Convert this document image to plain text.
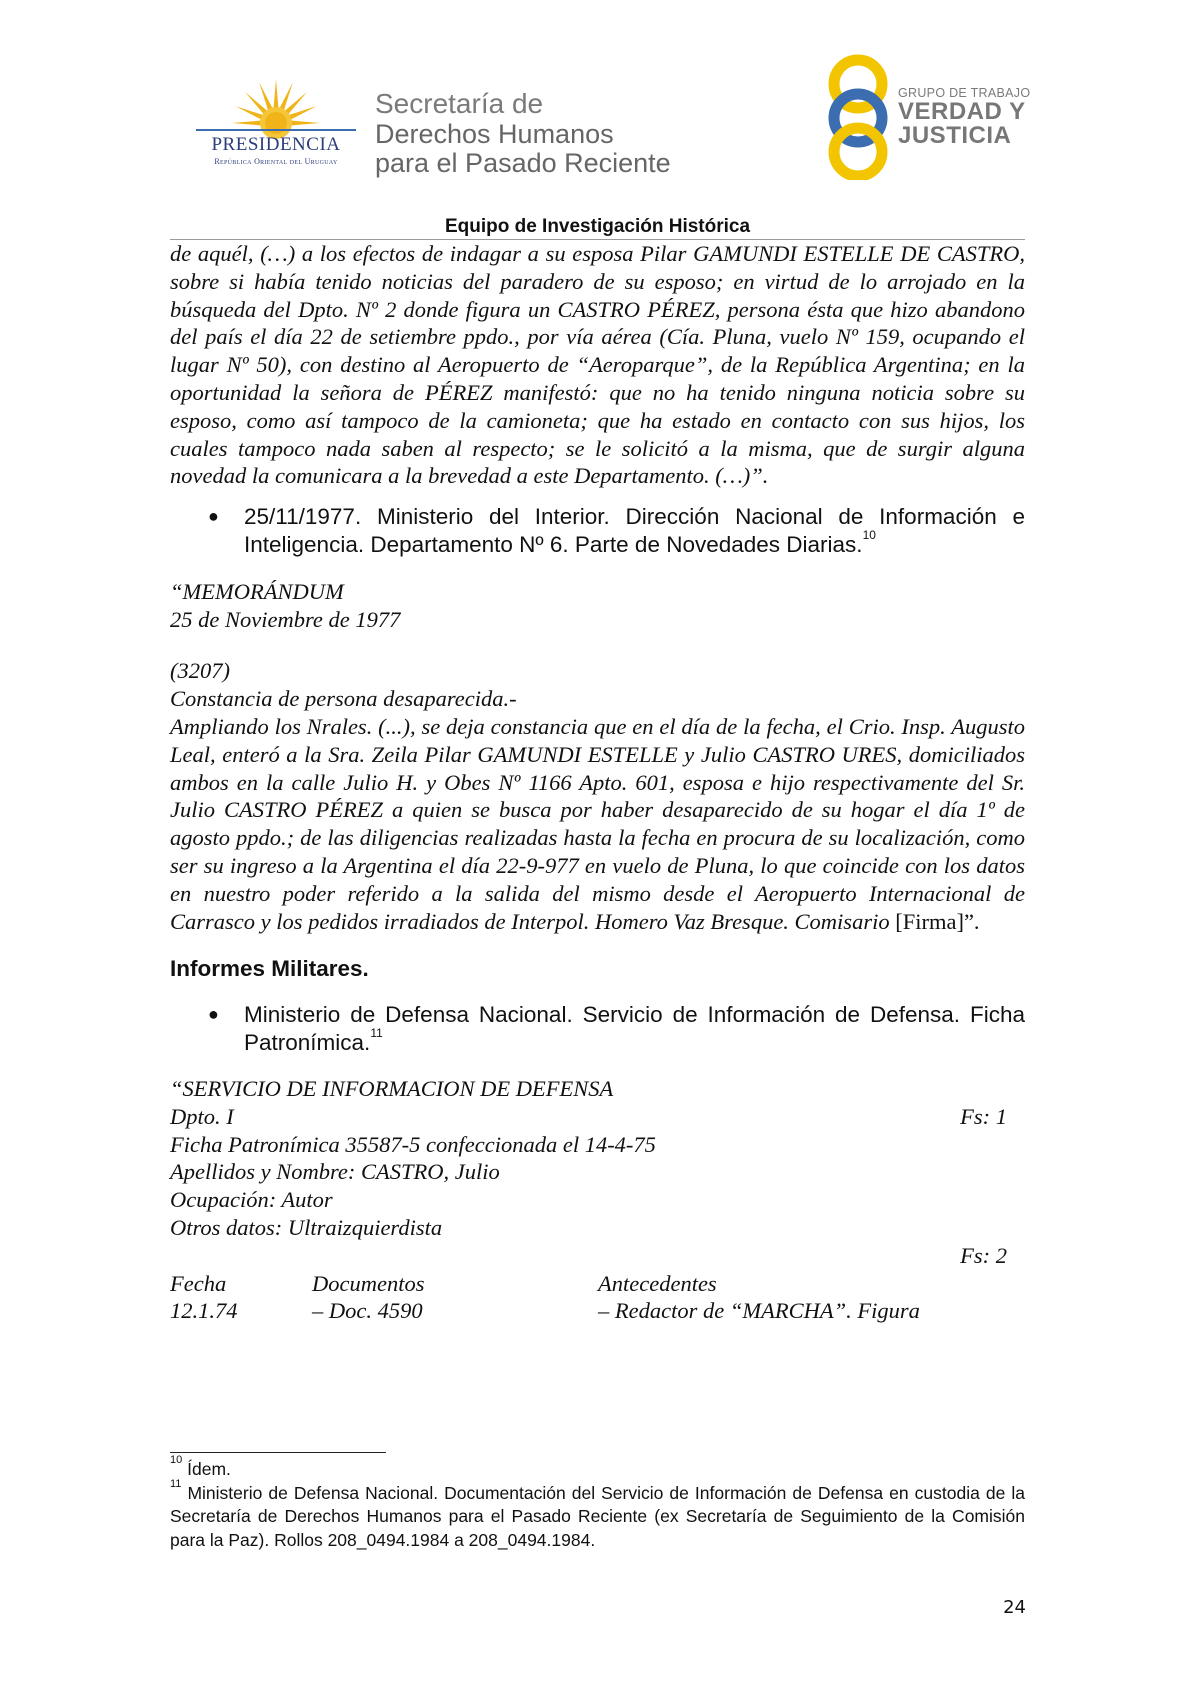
PRESIDENCIA
República Oriental del Uruguay
Secretaría de
Derechos Humanos
para el Pasado Reciente
GRUPO DE TRABAJO
VERDAD Y
JUSTICIA
Equipo de Investigación Histórica

de aquél, (…) a los efectos de indagar a su esposa Pilar GAMUNDI ESTELLE DE CASTRO, sobre si había tenido noticias del paradero de su esposo; en virtud de lo arrojado en la búsqueda del Dpto. Nº 2 donde figura un CASTRO PÉREZ, persona ésta que hizo abandono del país el día 22 de setiembre ppdo., por vía aérea (Cía. Pluna, vuelo Nº 159, ocupando el lugar Nº 50), con destino al Aeropuerto de “Aeroparque”, de la República Argentina; en la oportunidad la señora de PÉREZ manifestó: que no ha tenido ninguna noticia sobre su esposo, como así tampoco de la camioneta; que ha estado en contacto con sus hijos, los cuales tampoco nada saben al respecto; se le solicitó a la misma, que de surgir alguna novedad la comunicara a la brevedad a este Departamento. (…)”.

● 25/11/1977. Ministerio del Interior. Dirección Nacional de Información e Inteligencia. Departamento Nº 6. Parte de Novedades Diarias.$^{10}$
“MEMORÁNDUM
25 de Noviembre de 1977
(3207)
Constancia de persona desaparecida.-

Ampliando los Nrales. (...), se deja constancia que en el día de la fecha, el Crio. Insp. Augusto Leal, enteró a la Sra. Zeila Pilar GAMUNDI ESTELLE y Julio CASTRO URES, domiciliados ambos en la calle Julio H. y Obes Nº 1166 Apto. 601, esposa e hijo respectivamente del Sr. Julio CASTRO PÉREZ a quien se busca por haber desaparecido de su hogar el día 1º de agosto ppdo.; de las diligencias realizadas hasta la fecha en procura de su localización, como ser su ingreso a la Argentina el día 22-9-977 en vuelo de Pluna, lo que coincide con los datos en nuestro poder referido a la salida del mismo desde el Aeropuerto Internacional de Carrasco y los pedidos irradiados de Interpol. Homero Vaz Bresque. Comisario [Firma]”.

Informes Militares.
● Ministerio de Defensa Nacional. Servicio de Información de Defensa. Ficha Patronímica.$^{11}$
“SERVICIO DE INFORMACION DE DEFENSA
Dpto. I	Fs: 1
Ficha Patronímica 35587-5 confeccionada el 14-4-75
Apellidos y Nombre: CASTRO, Julio
Ocupación: Autor
Otros datos: Ultraizquierdista
Fs: 2
Fecha	Documentos	Antecedentes
12.1.74	– Doc. 4590	– Redactor de “MARCHA”. Figura
$^{10}$ Ídem.
$^{11}$ Ministerio de Defensa Nacional. Documentación del Servicio de Información de Defensa en custodia de la Secretaría de Derechos Humanos para el Pasado Reciente (ex Secretaría de Seguimiento de la Comisión para la Paz). Rollos 208_0494.1984 a 208_0494.1984.
24
